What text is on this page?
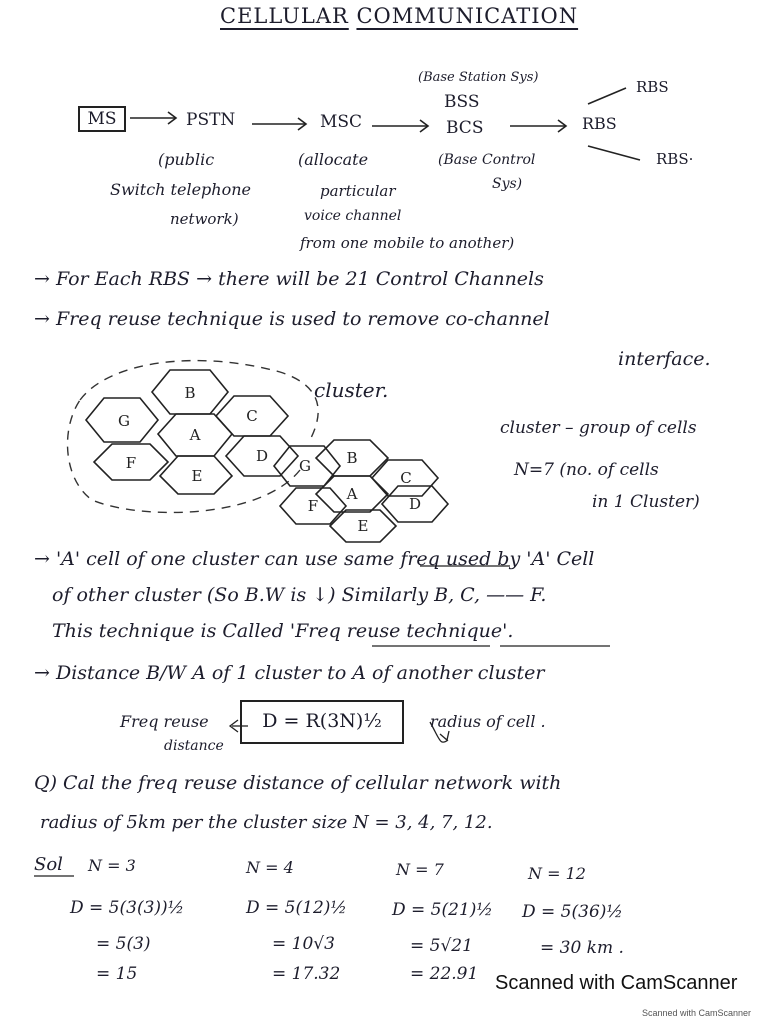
CELLULAR COMMUNICATION
MS	PSTN	MSC
(Base Station Sys)
BSS
BCS
RBS
RBS
RBS·
(public
Switch telephone
network)
(allocate
particular
voice channel
from one mobile to another)
(Base Control
Sys)
→ For Each RBS → there will be 21 Control Channels
→ Freq reuse technique is used to remove co-channel
interface.
B
C
G
A
D
F
E
B
C
G
A
D
F
E
cluster.
cluster – group of cells
N=7 (no. of cells
in 1 Cluster)
→ 'A' cell of one cluster can use same freq used by 'A' Cell
of other cluster (So B.W is ↓) Similarly B, C, —— F.
This technique is Called 'Freq reuse technique'.
→ Distance B/W A of 1 cluster to A of another cluster
Freq reuse
distance
D = R(3N)½	radius of cell .
Q) Cal the freq reuse distance of cellular network with
radius of 5km per the cluster size N = 3, 4, 7, 12.
Sol N = 3
D = 5(3(3))½
= 5(3)
= 15
N = 4
D = 5(12)½
= 10√3
= 17.32
N = 7
D = 5(21)½
= 5√21
= 22.91
N = 12
D = 5(36)½
= 30 km .
Scanned with CamScanner
Scanned with CamScanner
